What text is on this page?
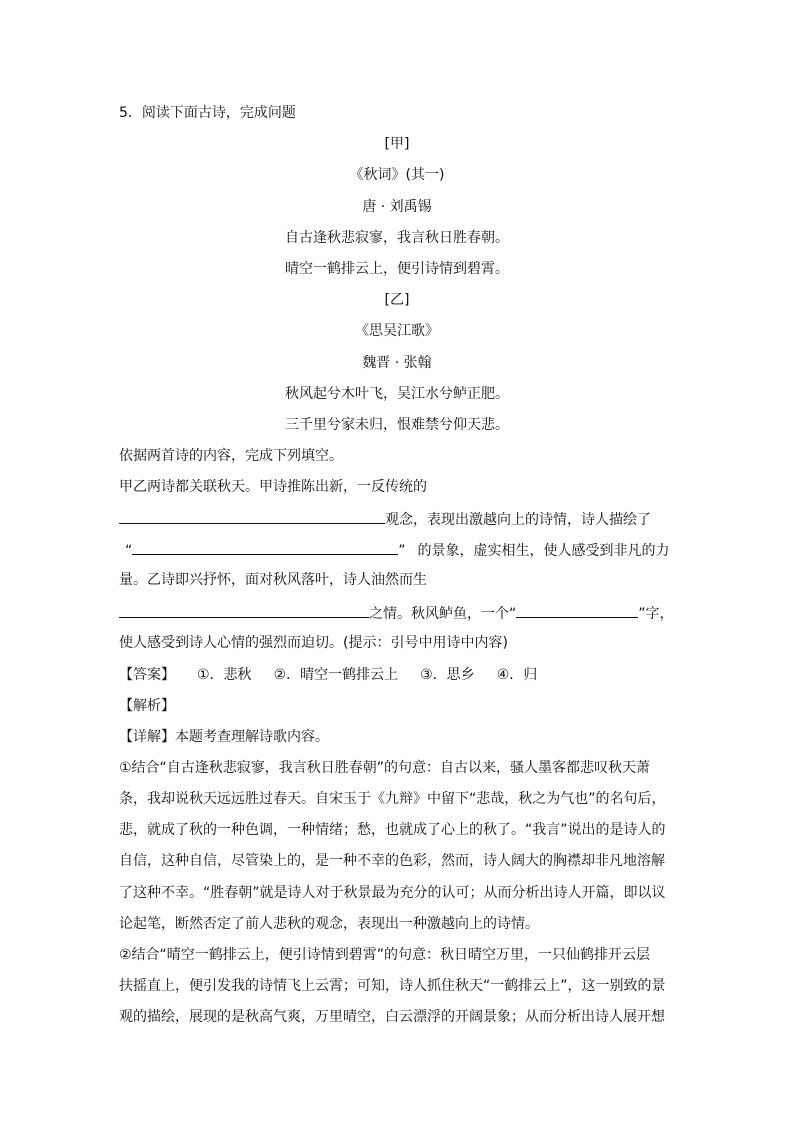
5．阅读下面古诗，完成问题
[甲]
《秋词》(其一)
唐 · 刘禹锡
自古逢秋悲寂寥，我言秋日胜春朝。
晴空一鹤排云上，便引诗情到碧霄。
[乙]
《思吴江歌》
魏晋 · 张翰
秋风起兮木叶飞，吴江水兮鲈正肥。
三千里兮家未归，恨难禁兮仰天悲。
依据两首诗的内容，完成下列填空。
甲乙两诗都关联秋天。甲诗推陈出新，一反传统的
观念，表现出激越向上的诗情，诗人描绘了
“	” 的景象，虚实相生，使人感受到非凡的力
量。乙诗即兴抒怀，面对秋风落叶，诗人油然而生
之情。秋风鲈鱼，一个“	”字，
使人感受到诗人心情的强烈而迫切。(提示：引号中用诗中内容)
【答案】 ①．悲秋 ②．晴空一鹤排云上 ③．思乡 ④．归
【解析】
【详解】本题考查理解诗歌内容。
①结合“自古逢秋悲寂寥，我言秋日胜春朝”的句意：自古以来，骚人墨客都悲叹秋天萧
条，我却说秋天远远胜过春天。自宋玉于《九辩》中留下“悲哉，秋之为气也”的名句后，
悲，就成了秋的一种色调，一种情绪；愁，也就成了心上的秋了。“我言”说出的是诗人的
自信，这种自信，尽管染上的，是一种不幸的色彩，然而，诗人阔大的胸襟却非凡地溶解
了这种不幸。“胜春朝”就是诗人对于秋景最为充分的认可；从而分析出诗人开篇，即以议
论起笔，断然否定了前人悲秋的观念，表现出一种激越向上的诗情。
②结合“晴空一鹤排云上，便引诗情到碧霄”的句意：秋日晴空万里，一只仙鹤排开云层
扶摇直上，便引发我的诗情飞上云霄；可知，诗人抓住秋天“一鹤排云上”，这一别致的景
观的描绘，展现的是秋高气爽，万里晴空，白云漂浮的开阔景象；从而分析出诗人展开想
